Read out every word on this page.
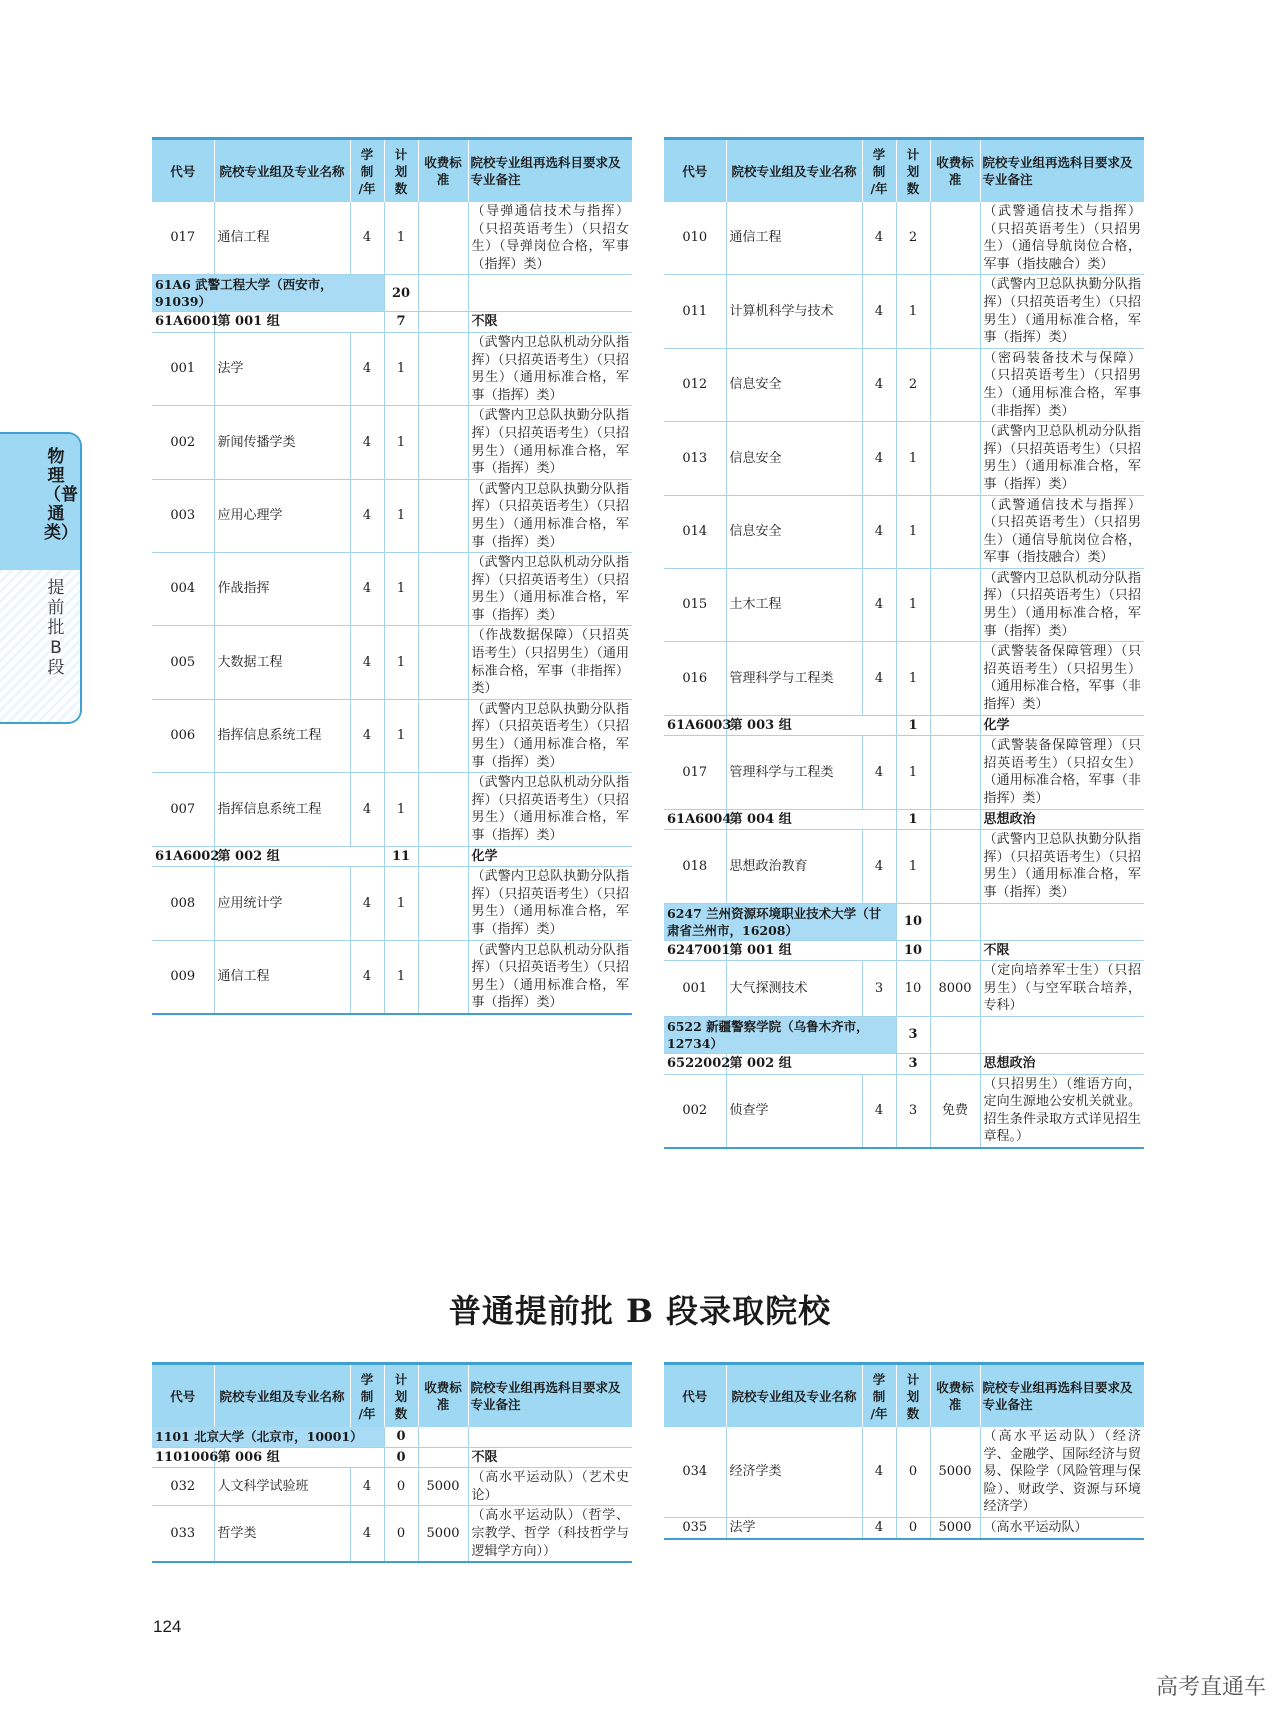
物理（普通类）
提前批B段
代号	院校专业组及专业名称	学
制
/年	计
划
数	收费标准	院校专业组再选科目要求及专业备注
017	通信工程	4	1		（导弹通信技术与指挥）（只招英语考生）（只招女生）（导弹岗位合格，军事（指挥）类）
61A6 武警工程大学（西安市，91039）			20		
61A6001	第 001 组		7		不限
001	法学	4	1		（武警内卫总队机动分队指挥）（只招英语考生）（只招男生）（通用标准合格，军事（指挥）类）
002	新闻传播学类	4	1		（武警内卫总队执勤分队指挥）（只招英语考生）（只招男生）（通用标准合格，军事（指挥）类）
003	应用心理学	4	1		（武警内卫总队执勤分队指挥）（只招英语考生）（只招男生）（通用标准合格，军事（指挥）类）
004	作战指挥	4	1		（武警内卫总队机动分队指挥）（只招英语考生）（只招男生）（通用标准合格，军事（指挥）类）
005	大数据工程	4	1		（作战数据保障）（只招英语考生）（只招男生）（通用标准合格，军事（非指挥）类）
006	指挥信息系统工程	4	1		（武警内卫总队执勤分队指挥）（只招英语考生）（只招男生）（通用标准合格，军事（指挥）类）
007	指挥信息系统工程	4	1		（武警内卫总队机动分队指挥）（只招英语考生）（只招男生）（通用标准合格，军事（指挥）类）
61A6002	第 002 组		11		化学
008	应用统计学	4	1		（武警内卫总队执勤分队指挥）（只招英语考生）（只招男生）（通用标准合格，军事（指挥）类）
009	通信工程	4	1		（武警内卫总队机动分队指挥）（只招英语考生）（只招男生）（通用标准合格，军事（指挥）类）
代号	院校专业组及专业名称	学
制
/年	计
划
数	收费标准	院校专业组再选科目要求及专业备注
010	通信工程	4	2		（武警通信技术与指挥）（只招英语考生）（只招男生）（通信导航岗位合格，军事（指技融合）类）
011	计算机科学与技术	4	1		（武警内卫总队执勤分队指挥）（只招英语考生）（只招男生）（通用标准合格，军事（指挥）类）
012	信息安全	4	2		（密码装备技术与保障）（只招英语考生）（只招男生）（通用标准合格，军事（非指挥）类）
013	信息安全	4	1		（武警内卫总队机动分队指挥）（只招英语考生）（只招男生）（通用标准合格，军事（指挥）类）
014	信息安全	4	1		（武警通信技术与指挥）（只招英语考生）（只招男生）（通信导航岗位合格，军事（指技融合）类）
015	土木工程	4	1		（武警内卫总队机动分队指挥）（只招英语考生）（只招男生）（通用标准合格，军事（指挥）类）
016	管理科学与工程类	4	1		（武警装备保障管理）（只招英语考生）（只招男生）（通用标准合格，军事（非指挥）类）
61A6003	第 003 组		1		化学
017	管理科学与工程类	4	1		（武警装备保障管理）（只招英语考生）（只招女生）（通用标准合格，军事（非指挥）类）
61A6004	第 004 组		1		思想政治
018	思想政治教育	4	1		（武警内卫总队执勤分队指挥）（只招英语考生）（只招男生）（通用标准合格，军事（指挥）类）
6247 兰州资源环境职业技术大学（甘肃省兰州市，16208）			10		
6247001	第 001 组		10		不限
001	大气探测技术	3	10	8000	（定向培养军士生）（只招男生）（与空军联合培养，专科）
6522 新疆警察学院（乌鲁木齐市，12734）			3		
6522002	第 002 组		3		思想政治
002	侦查学	4	3	免费	（只招男生）（维语方向，定向生源地公安机关就业。招生条件录取方式详见招生章程。）
普通提前批 B 段录取院校
代号	院校专业组及专业名称	学
制
/年	计
划
数	收费标准	院校专业组再选科目要求及专业备注
1101 北京大学（北京市，10001）			0		
1101006	第 006 组		0		不限
032	人文科学试验班	4	0	5000	（高水平运动队）（艺术史论）
033	哲学类	4	0	5000	（高水平运动队）（哲学、宗教学、哲学（科技哲学与逻辑学方向））
代号	院校专业组及专业名称	学
制
/年	计
划
数	收费标准	院校专业组再选科目要求及专业备注
034	经济学类	4	0	5000	（高水平运动队）（经济学、金融学、国际经济与贸易、保险学（风险管理与保险）、财政学、资源与环境经济学）
035	法学	4	0	5000	（高水平运动队）
124
高考直通车
